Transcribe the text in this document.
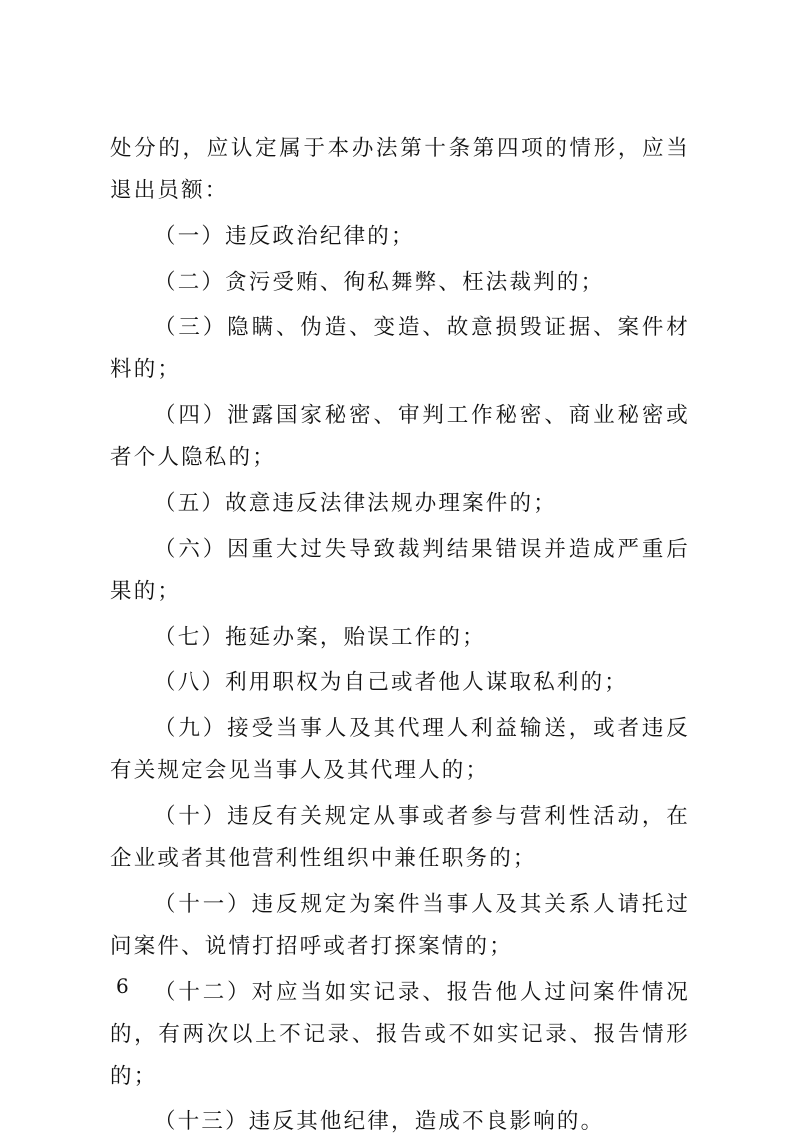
处分的，应认定属于本办法第十条第四项的情形，应当退出员额：

（一）违反政治纪律的；

（二）贪污受贿、徇私舞弊、枉法裁判的；

（三）隐瞒、伪造、变造、故意损毁证据、案件材料的；

（四）泄露国家秘密、审判工作秘密、商业秘密或者个人隐私的；

（五）故意违反法律法规办理案件的；

（六）因重大过失导致裁判结果错误并造成严重后果的；

（七）拖延办案，贻误工作的；

（八）利用职权为自己或者他人谋取私利的；

（九）接受当事人及其代理人利益输送，或者违反有关规定会见当事人及其代理人的；

（十）违反有关规定从事或者参与营利性活动，在企业或者其他营利性组织中兼任职务的；

（十一）违反规定为案件当事人及其关系人请托过问案件、说情打招呼或者打探案情的；

（十二）对应当如实记录、报告他人过问案件情况的，有两次以上不记录、报告或不如实记录、报告情形的；

（十三）违反其他纪律，造成不良影响的。

6
